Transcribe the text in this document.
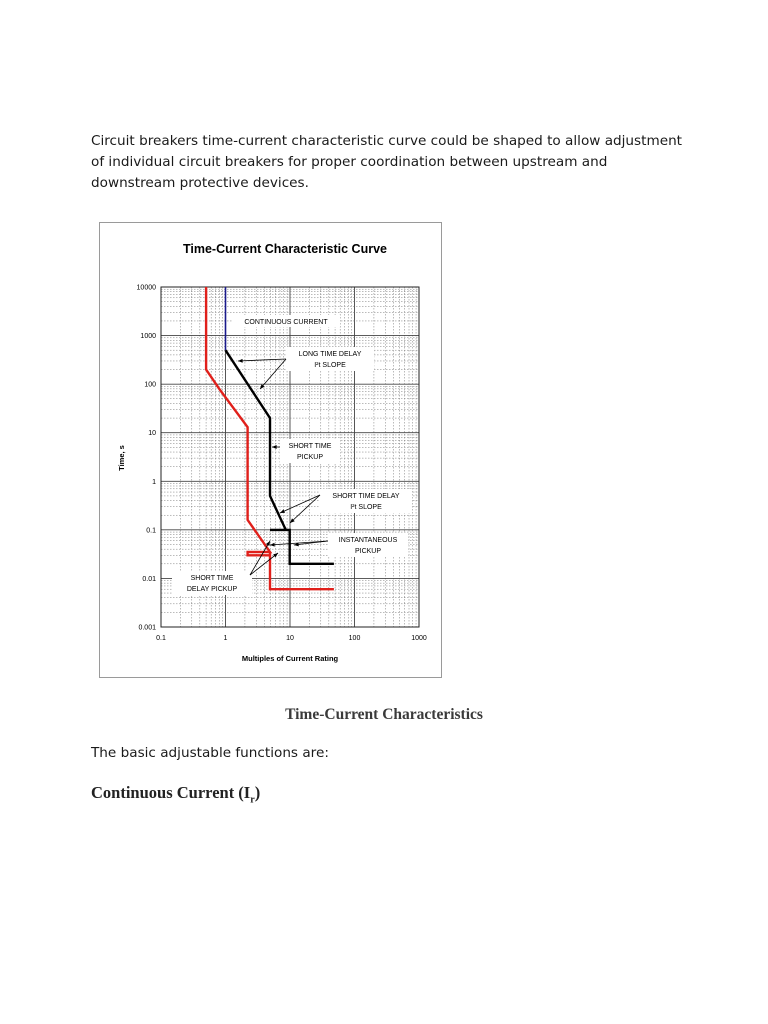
Circuit breakers time-current characteristic curve could be shaped to allow adjustment of individual circuit breakers for proper coordination between upstream and downstream protective devices.

Time-Current Characteristic Curve
0.1	1	10	100	1000
0.001
0.01
0.1
1
10
100
1000
10000
CONTINUOUS CURRENT
LONG TIME DELAY
I²t SLOPE
SHORT TIME
PICKUP
SHORT TIME DELAY
I²t SLOPE
INSTANTANEOUS
PICKUP
SHORT TIME
DELAY PICKUP
Multiples of Current Rating
Time, s
Time-Current Characteristics
The basic adjustable functions are:
Continuous Current $(I_r)$
